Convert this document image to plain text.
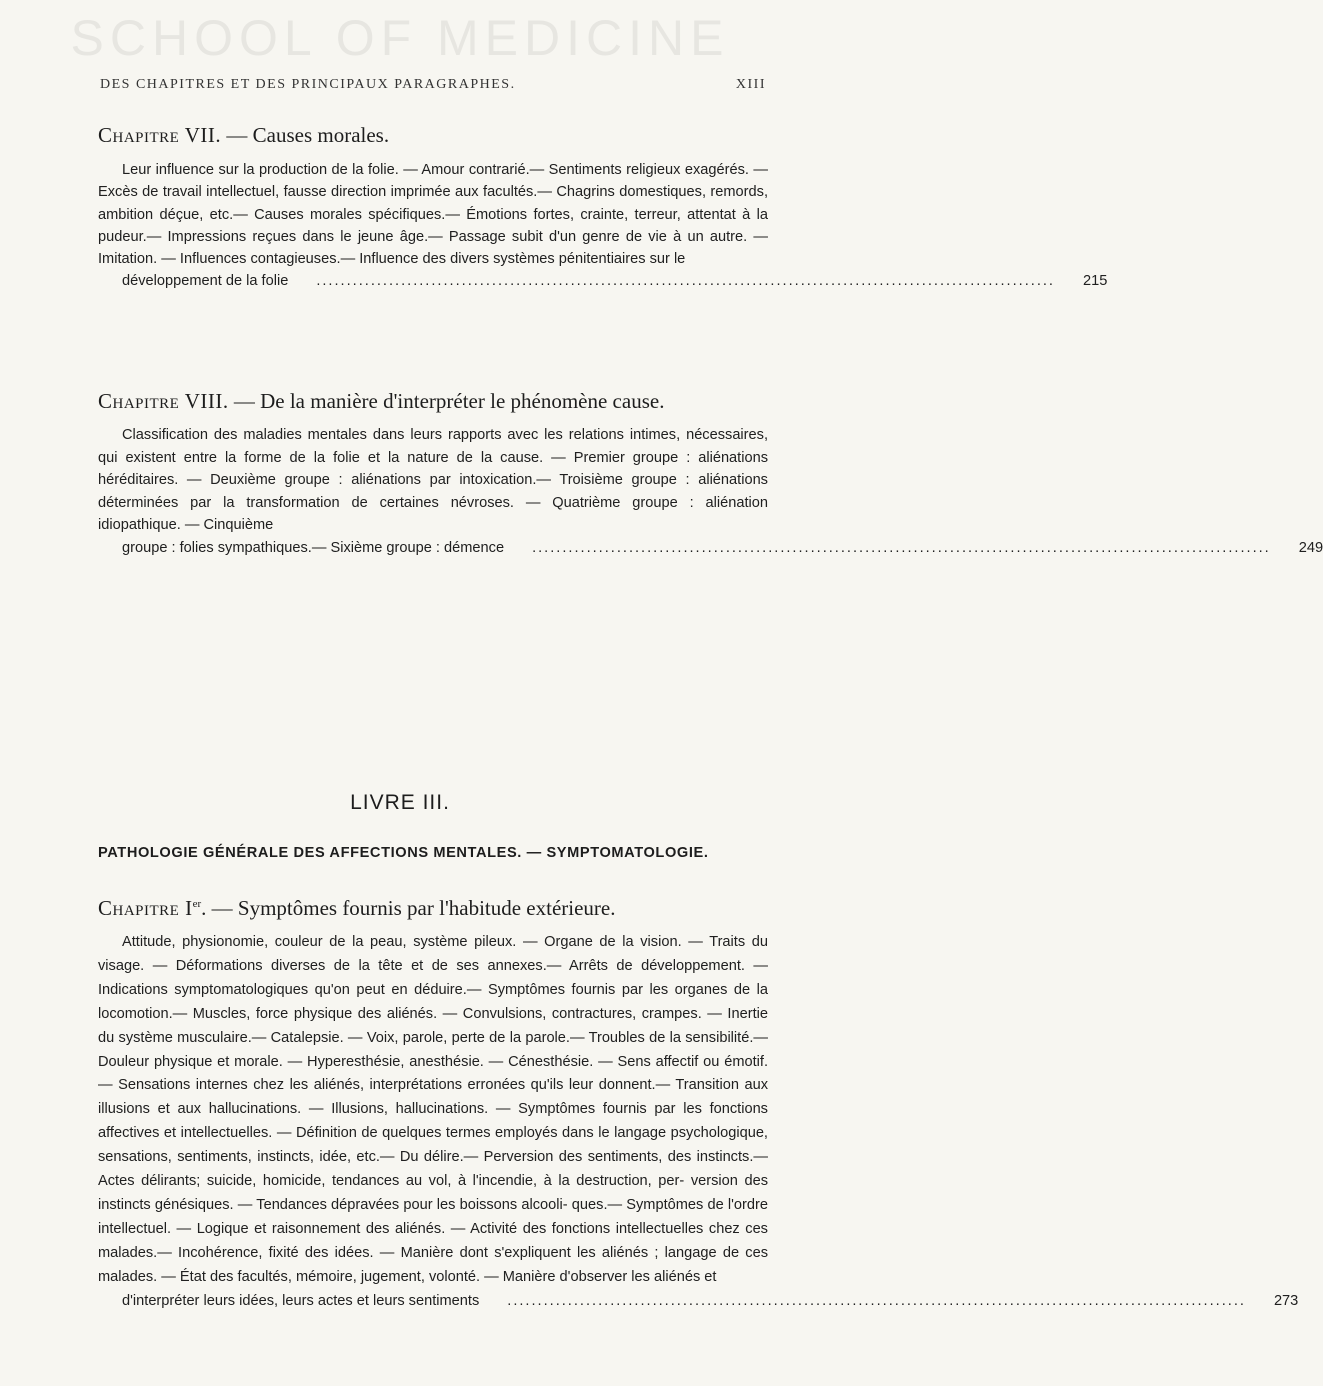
SCHOOL OF MEDICINE
DES CHAPITRES ET DES PRINCIPAUX PARAGRAPHES.	XIII
Chapitre VII. — Causes morales.
Leur influence sur la production de la folie. — Amour contrarié.— Sentiments religieux exagérés. — Excès de travail intellectuel, fausse direction imprimée aux facultés.— Chagrins domestiques, remords, ambition déçue, etc.— Causes morales spécifiques.— Émotions fortes, crainte, terreur, attentat à la pudeur.— Impressions reçues dans le jeune âge.— Passage subit d'un genre de vie à un autre. — Imitation. — Influences contagieuses.— Influence des divers systèmes pénitentiaires sur le
développement de la folie	..........................................................................................................................	215
Chapitre VIII. — De la manière d'interpréter le phénomène cause.
Classification des maladies mentales dans leurs rapports avec les relations intimes, nécessaires, qui existent entre la forme de la folie et la nature de la cause. — Premier groupe : aliénations héréditaires. — Deuxième groupe : aliénations par intoxication.— Troisième groupe : aliénations déterminées par la transformation de certaines névroses. — Quatrième groupe : aliénation idiopathique. — Cinquième
groupe : folies sympathiques.— Sixième groupe : démence	..........................................................................................................................	249
LIVRE III.
PATHOLOGIE GÉNÉRALE DES AFFECTIONS MENTALES. — SYMPTOMATOLOGIE.
Chapitre Ier. — Symptômes fournis par l'habitude extérieure.
Attitude, physionomie, couleur de la peau, système pileux. — Organe de la vision. — Traits du visage. — Déformations diverses de la tête et de ses annexes.— Arrêts de développement. — Indications symptomatologiques qu'on peut en déduire.— Symptômes fournis par les organes de la locomotion.— Muscles, force physique des aliénés. — Convulsions, contractures, crampes. — Inertie du système musculaire.— Catalepsie. — Voix, parole, perte de la parole.— Troubles de la sensibilité.— Douleur physique et morale. — Hyperesthésie, anesthésie. — Cénesthésie. — Sens affectif ou émotif.— Sensations internes chez les aliénés, interprétations erronées qu'ils leur donnent.— Transition aux illusions et aux hallucinations. — Illusions, hallucinations. — Symptômes fournis par les fonctions affectives et intellectuelles. — Définition de quelques termes employés dans le langage psychologique, sensations, sentiments, instincts, idée, etc.— Du délire.— Perversion des sentiments, des instincts.— Actes délirants; suicide, homicide, tendances au vol, à l'incendie, à la destruction, per- version des instincts génésiques. — Tendances dépravées pour les boissons alcooli- ques.— Symptômes de l'ordre intellectuel. — Logique et raisonnement des aliénés. — Activité des fonctions intellectuelles chez ces malades.— Incohérence, fixité des idées. — Manière dont s'expliquent les aliénés ; langage de ces malades. — État des facultés, mémoire, jugement, volonté. — Manière d'observer les aliénés et
d'interpréter leurs idées, leurs actes et leurs sentiments	..........................................................................................................................	273
